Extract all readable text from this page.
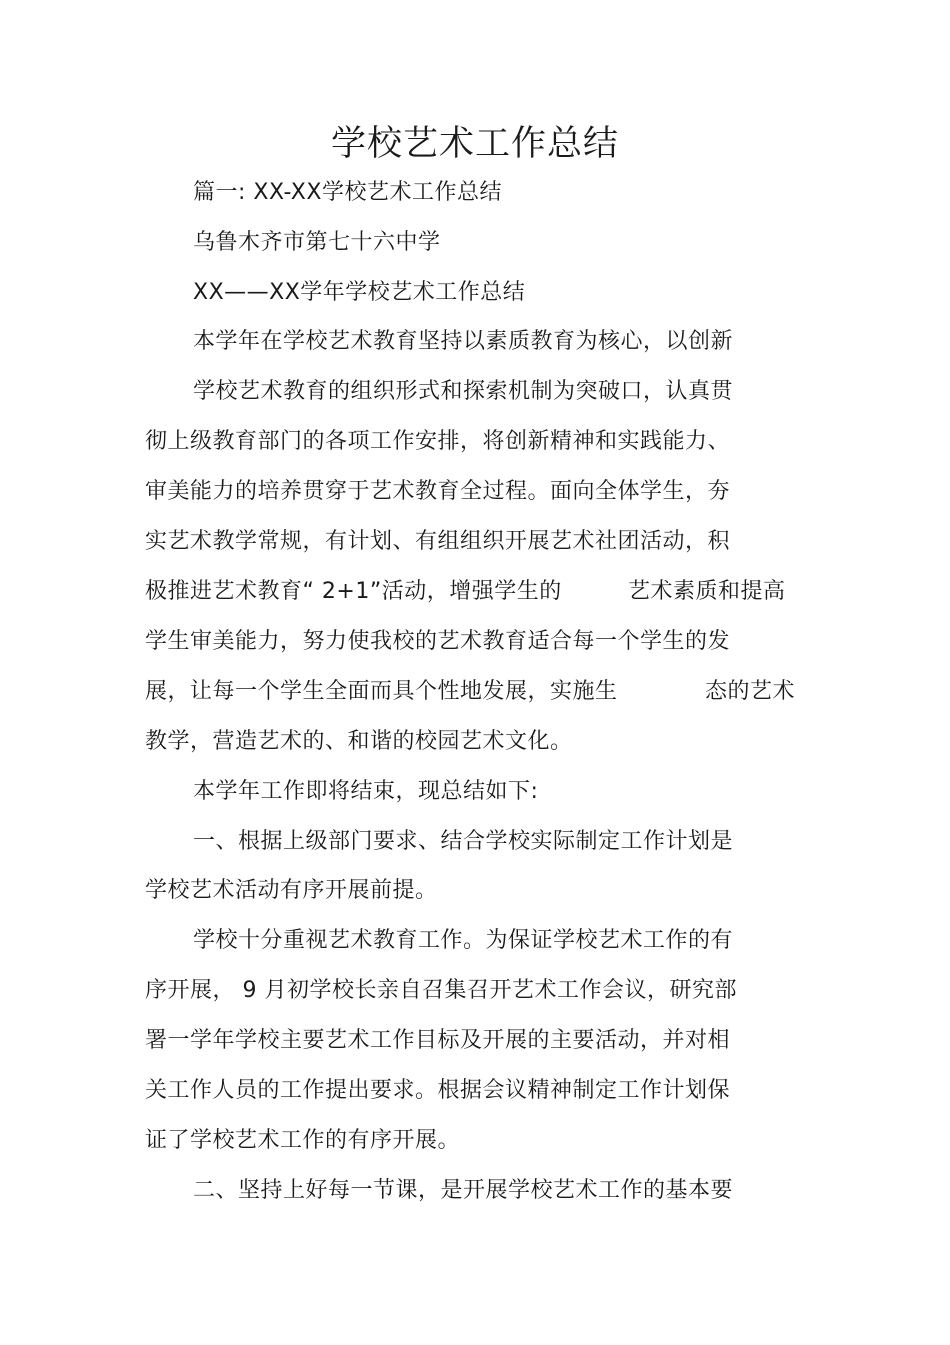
学校艺术工作总结
篇一: XX-XX学校艺术工作总结
乌鲁木齐市第七十六中学
XX——XX学年学校艺术工作总结
本学年在学校艺术教育坚持以素质教育为核心，以创新
学校艺术教育的组织形式和探索机制为突破口，认真贯
彻上级教育部门的各项工作安排，将创新精神和实践能力、
审美能力的培养贯穿于艺术教育全过程。面向全体学生，夯
实艺术教学常规，有计划、有组组织开展艺术社团活动，积
极推进艺术教育“ 2+1”活动，增强学生的	艺术素质和提高
学生审美能力，努力使我校的艺术教育适合每一个学生的发
展，让每一个学生全面而具个性地发展，实施生	态的艺术
教学，营造艺术的、和谐的校园艺术文化。
本学年工作即将结束，现总结如下:
一、根据上级部门要求、结合学校实际制定工作计划是
学校艺术活动有序开展前提。
学校十分重视艺术教育工作。为保证学校艺术工作的有
序开展， 9 月初学校长亲自召集召开艺术工作会议，研究部
署一学年学校主要艺术工作目标及开展的主要活动，并对相
关工作人员的工作提出要求。根据会议精神制定工作计划保
证了学校艺术工作的有序开展。
二、坚持上好每一节课，是开展学校艺术工作的基本要
